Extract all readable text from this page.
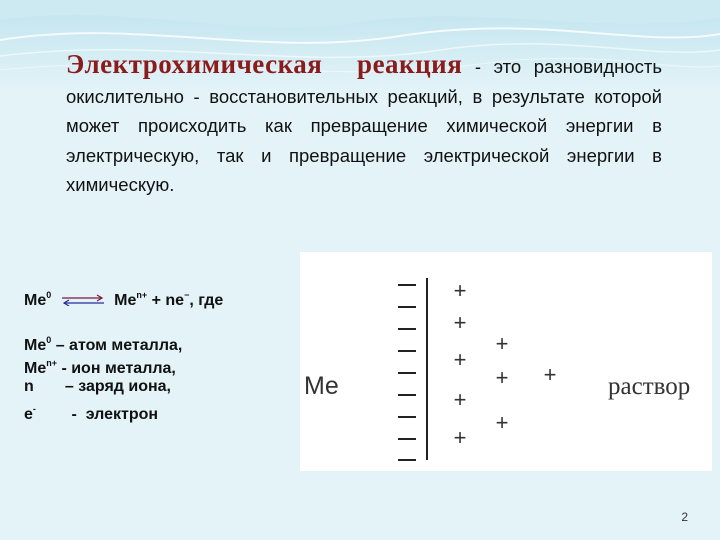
Электрохимическая реакция - это разновидность окислительно - восстановительных реакций, в результате которой может происходить как превращение химической энергии в электрическую, так и превращение электрической энергии в химическую.
Me$^0$ ⇌ $Me^{n+} + ne^-$, где
Me$^0$ – атом металла,
$Me^{n+}$ - ион металла,
n       – заряд иона,
e-        -  электрон
Me
+
+
+
+
+
+
+
+
+ раствор
2
